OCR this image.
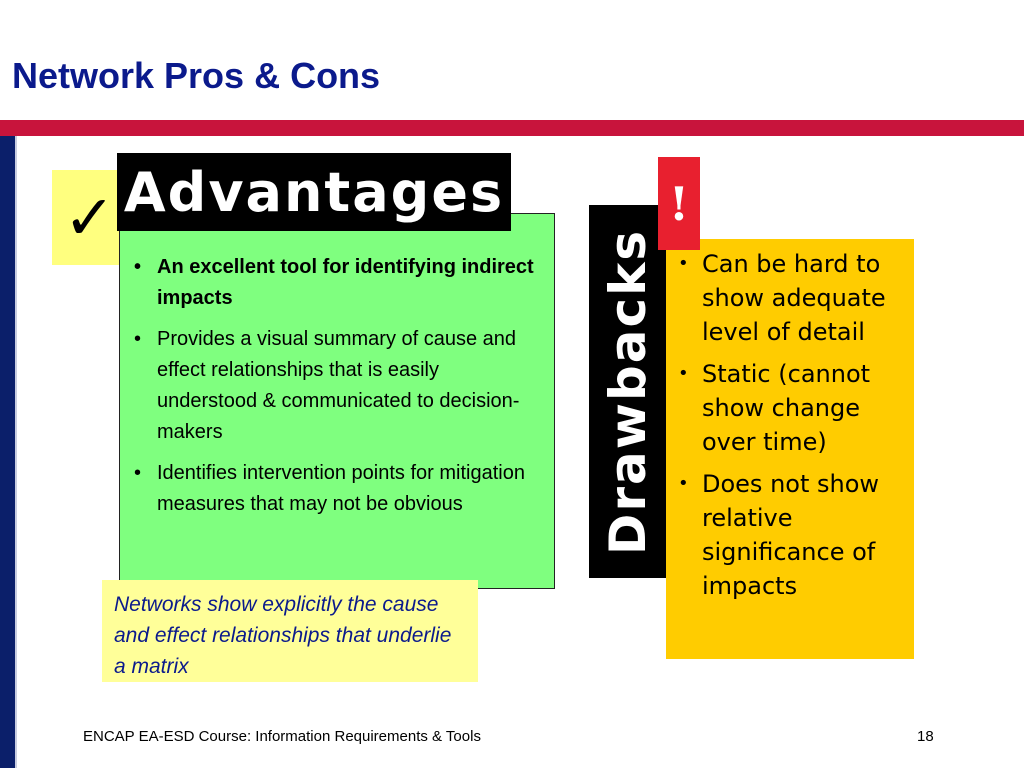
Network Pros & Cons
✓ Advantages
• An excellent tool for identifying indirect impacts
• Provides a visual summary of cause and effect relationships that is easily understood & communicated to decision-makers
• Identifies intervention points for mitigation measures that may not be obvious
Networks show explicitly the cause and effect relationships that underlie a matrix
Drawbacks
!
• Can be hard to show adequate level of detail
• Static (cannot show change over time)
• Does not show relative significance of impacts
ENCAP EA-ESD Course: Information Requirements & Tools	18
